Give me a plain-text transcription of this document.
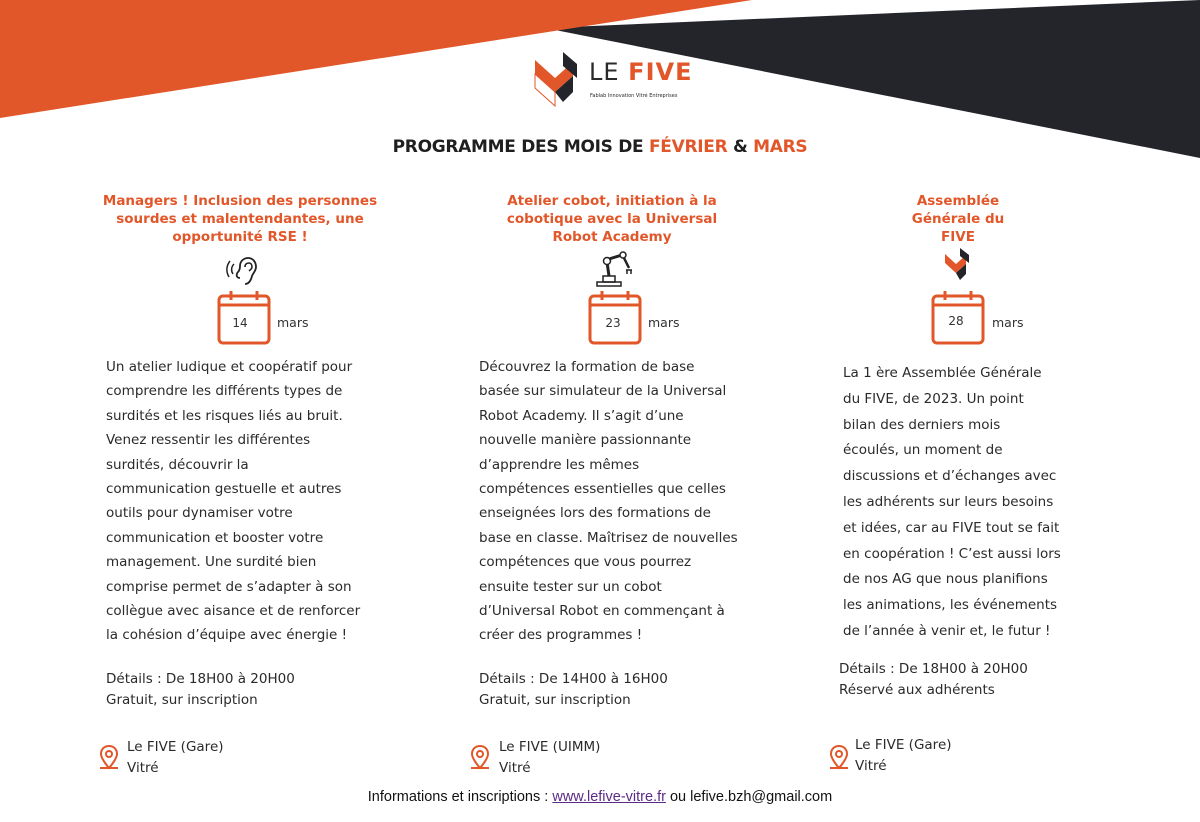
LE FIVE
Fablab Innovation Vitré Entreprises
PROGRAMME DES MOIS DE FÉVRIER & MARS
Managers ! Inclusion des personnes
sourdes et malentendantes, une
opportunité RSE !
14	mars
Un atelier ludique et coopératif pour
comprendre les différents types de
surdités et les risques liés au bruit.
Venez ressentir les différentes
surdités, découvrir la
communication gestuelle et autres
outils pour dynamiser votre
communication et booster votre
management. Une surdité bien
comprise permet de s’adapter à son
collègue avec aisance et de renforcer
la cohésion d’équipe avec énergie !
Détails : De 18H00 à 20H00
Gratuit, sur inscription
Le FIVE (Gare)
Vitré
Atelier cobot, initiation à la
cobotique avec la Universal
Robot Academy
23	mars
Découvrez la formation de base
basée sur simulateur de la Universal
Robot Academy. Il s’agit d’une
nouvelle manière passionnante
d’apprendre les mêmes
compétences essentielles que celles
enseignées lors des formations de
base en classe. Maîtrisez de nouvelles
compétences que vous pourrez
ensuite tester sur un cobot
d’Universal Robot en commençant à
créer des programmes !
Détails : De 14H00 à 16H00
Gratuit, sur inscription
Le FIVE (UIMM)
Vitré
Assemblée
Générale du
FIVE
28	mars
La 1 ère Assemblée Générale
du FIVE, de 2023. Un point
bilan des derniers mois
écoulés, un moment de
discussions et d’échanges avec
les adhérents sur leurs besoins
et idées, car au FIVE tout se fait
en coopération ! C’est aussi lors
de nos AG que nous planifions
les animations, les événements
de l’année à venir et, le futur !
Détails : De 18H00 à 20H00
Réservé aux adhérents
Le FIVE (Gare)
Vitré
Informations et inscriptions : www.lefive-vitre.fr ou lefive.bzh@gmail.com
